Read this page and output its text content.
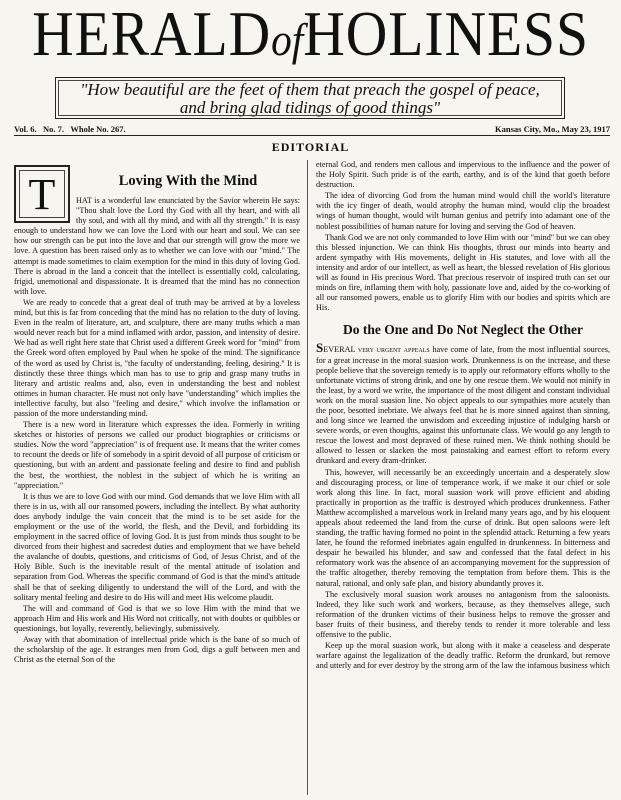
HERALDofHOLINESS
"How beautiful are the feet of them that preach the gospel of peace, and bring glad tidings of good things"
Vol. 6. No. 7. Whole No. 267.	Kansas City, Mo., May 23, 1917
EDITORIAL
T	Loving With the Mind

HAT is a wonderful law enunciated by the Savior wherein He says: "Thou shalt love the Lord thy God with all thy heart, and with all thy soul, and with all thy mind, and with all thy strength." It is easy enough to understand how we can love the Lord with our heart and soul. We can see how our strength can be put into the love and that our strength will grow the more we love. A question has been raised only as to whether we can love with our "mind." The attempt is made sometimes to claim exemption for the mind in this duty of loving God. There is abroad in the land a conceit that the intellect is essentially cold, calculating, frigid, unemotional and dispassionate. It is dreamed that the mind has no connection with love.

We are ready to concede that a great deal of truth may be arrived at by a loveless mind, but this is far from conceding that the mind has no relation to the duty of loving. Even in the realm of literature, art, and sculpture, there are many truths which a man would never reach but for a mind inflamed with ardor, passion, and intensity of desire. We had as well right here state that Christ used a different Greek word for "mind" from the Greek word often employed by Paul when he spoke of the mind. The significance of the word as used by Christ is, "the faculty of understanding, feeling, desiring." It is distinctly these three things which man has to use to grip and grasp many truths in literary and artistic realms and, also, even in understanding the best and noblest ottimes in human character. He must not only have "understanding" which implies the intellective faculty, but also "feeling and desire," which involve the inflamation or passion of the more understanding mind.

There is a new word in literature which expresses the idea. Formerly in writing sketches or histories of persons we called our product biographies or criticisms or studies. Now the word "appreciation" is of frequent use. It means that the writer comes to recount the deeds or life of somebody in a spirit devoid of all purpose of criticism or questioning, but with an ardent and passionate feeling and desire to find and publish the best, the worthiest, the noblest in the subject of which he is writing an "appreciation."

It is thus we are to love God with our mind. God demands that we love Him with all there is in us, with all our ransomed powers, including the intellect. By what authority does anybody indulge the vain conceit that the mind is to be set aside for the employment or the use of the world, the flesh, and the Devil, and forbidding its employment in the sacred office of loving God. It is just from minds thus sought to be divorced from their highest and sacredest duties and employment that we have beheld the avalanche of doubts, questions, and criticisms of God, of Jesus Christ, and of the Holy Bible. Such is the inevitable result of the mental attitude of isolation and separation from God. Whereas the specific command of God is that the mind's attitude shall be that of seeking diligently to understand the will of the Lord, and with the solitary mental feeling and desire to do His will and meet His welcome plaudit.

The will and command of God is that we so love Him with the mind that we approach Him and His work and His Word not critically, not with doubts or quibbles or questionings, but loyally, reverently, believingly, submissively.

Away with that abomination of intellectual pride which is the bane of so much of the scholarship of the age. It estranges men from God, digs a gulf between men and Christ as the eternal Son of the

eternal God, and renders men callous and impervious to the influence and the power of the Holy Spirit. Such pride is of the earth, earthy, and is of the kind that goeth before destruction.

The idea of divorcing God from the human mind would chill the world's literature with the icy finger of death, would atrophy the human mind, would clip the broadest wings of human thought, would wilt human genius and petrify into adamant one of the noblest possibilities of human nature for loving and serving the God of heaven.

Thank God we are not only commanded to love Him with our "mind" but we can obey this blessed injunction. We can think His thoughts, thrust our minds into hearty and ardent sympathy with His movements, delight in His statutes, and love with all the intensity and ardor of our intellect, as well as heart, the blessed revelation of His glorious will as found in His precious Word. That precious reservoir of inspired truth can set our minds on fire, inflaming them with holy, passionate love and, aided by the co-working of all our ransomed powers, enable us to glorify Him with our bodies and spirits which are His.

Do the One and Do Not Neglect the Other

SEVERAL very urgent appeals have come of late, from the most influential sources, for a great increase in the moral suasion work. Drunkenness is on the increase, and these people believe that the sovereign remedy is to apply our reformatory efforts wholly to the unfortunate victims of strong drink, and one by one rescue them. We would not minify in the least, by a word we write, the importance of the most diligent and constant individual work on the moral suasion line. No object appeals to our sympathies more acutely than the poor, besotted inebriate. We always feel that he is more sinned against than sinning, and long since we learned the unwisdom and exceeding injustice of indulging harsh or severe words, or even thoughts, against this unfortunate class. We would go any length to rescue the lowest and most depraved of these ruined men. We think nothing should be allowed to lessen or slacken the most painstaking and earnest effort to reform every drunkard and every dram-drinker.

This, however, will necessarily be an exceedingly uncertain and a desperately slow and discouraging process, or line of temperance work, if we make it our chief or sole work along this line. In fact, moral suasion work will prove efficient and abiding practically in proportion as the traffic is destroyed which produces drunkenness. Father Matthew accomplished a marvelous work in Ireland many years ago, and by his eloquent appeals about redeemed the land from the curse of drink. But open saloons were left standing, the traffic having formed no point in the splendid attack. Returning a few years later, he found the reformed inebriates again engulfed in drunkenness. In bitterness and despair he bewailed his blunder, and saw and confessed that the fatal defect in his reformatory work was the absence of an accompanying movement for the suppression of the traffic altogether, thereby removing the temptation from before them. This is the natural, rational, and only safe plan, and history abundantly proves it.

The exclusively moral suasion work arouses no antagonism from the saloonists. Indeed, they like such work and workers, because, as they themselves allege, such reformation of the drunken victims of their business helps to remove the grosser and baser fruits of their business, and thereby tends to render it more tolerable and less offensive to the public.

Keep up the moral suasion work, but along with it make a ceaseless and desperate warfare against the legalization of the deadly traffic. Reform the drunkard, but remove and utterly and for ever destroy by the strong arm of the law the infamous business which
